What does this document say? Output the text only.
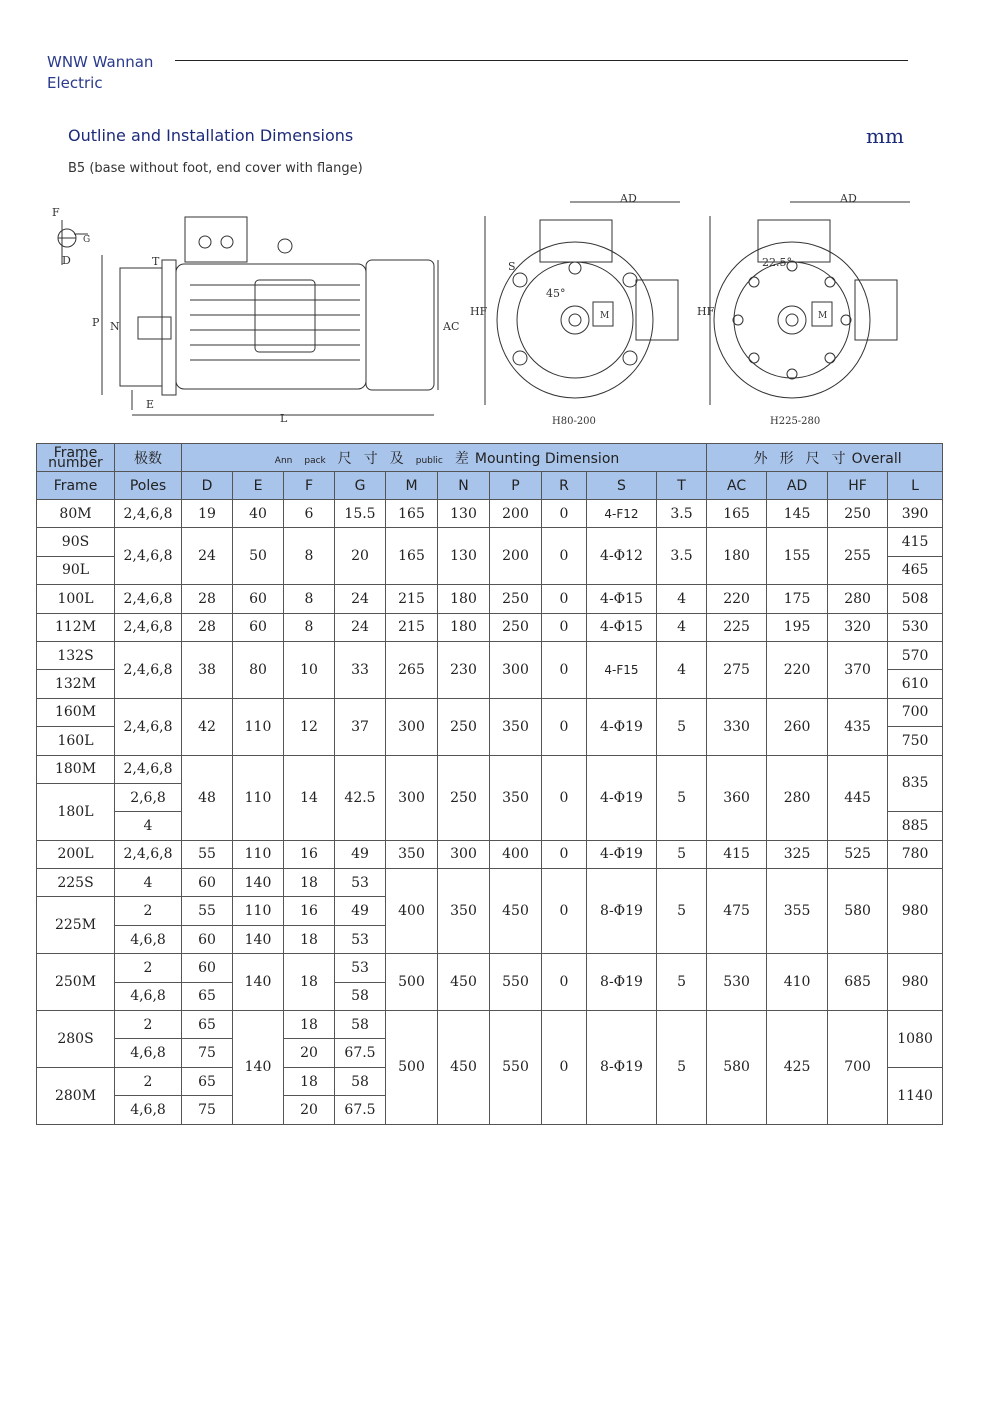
WNW Wannan
Electric
Outline and Installation Dimensions	mm
B5 (base without foot, end cover with flange)
F
G
D	T
P N
E
L
AC
AD
HF
S
45°
M
H80-200
AD
HF
22.5°
M
H225-280
Frame number	极数	Ann pack 尺 寸 及 public 差 Mounting Dimension										外 形 尺 寸 Overall			
Frame	Poles	D	E	F	G	M	N	P	R	S	T	AC	AD	HF	L
80M	2,4,6,8	19	40	6	15.5	165	130	200	0	4-F12	3.5	165	145	250	390
90S	2,4,6,8	24	50	8	20	165	130	200	0	4-Φ12	3.5	180	155	255	415
90L															465
100L	2,4,6,8	28	60	8	24	215	180	250	0	4-Φ15	4	220	175	280	508
112M	2,4,6,8	28	60	8	24	215	180	250	0	4-Φ15	4	225	195	320	530
132S	2,4,6,8	38	80	10	33	265	230	300	0	4-F15	4	275	220	370	570
132M															610
160M	2,4,6,8	42	110	12	37	300	250	350	0	4-Φ19	5	330	260	435	700
160L															750
180M	2,4,6,8	48	110	14	42.5	300	250	350	0	4-Φ19	5	360	280	445	835
180L	2,6,8														
	4														885
200L	2,4,6,8	55	110	16	49	350	300	400	0	4-Φ19	5	415	325	525	780
225S	4	60	140	18	53	400	350	450	0	8-Φ19	5	475	355	580	980
225M	2	55	110	16	49										
	4,6,8	60	140	18	53										
250M	2	60	140	18	53	500	450	550	0	8-Φ19	5	530	410	685	980
	4,6,8	65			58										
280S	2	65	140	18	58	500	450	550	0	8-Φ19	5	580	425	700	1080
	4,6,8	75		20	67.5										
280M	2	65		18	58										1140
	4,6,8	75		20	67.5										
